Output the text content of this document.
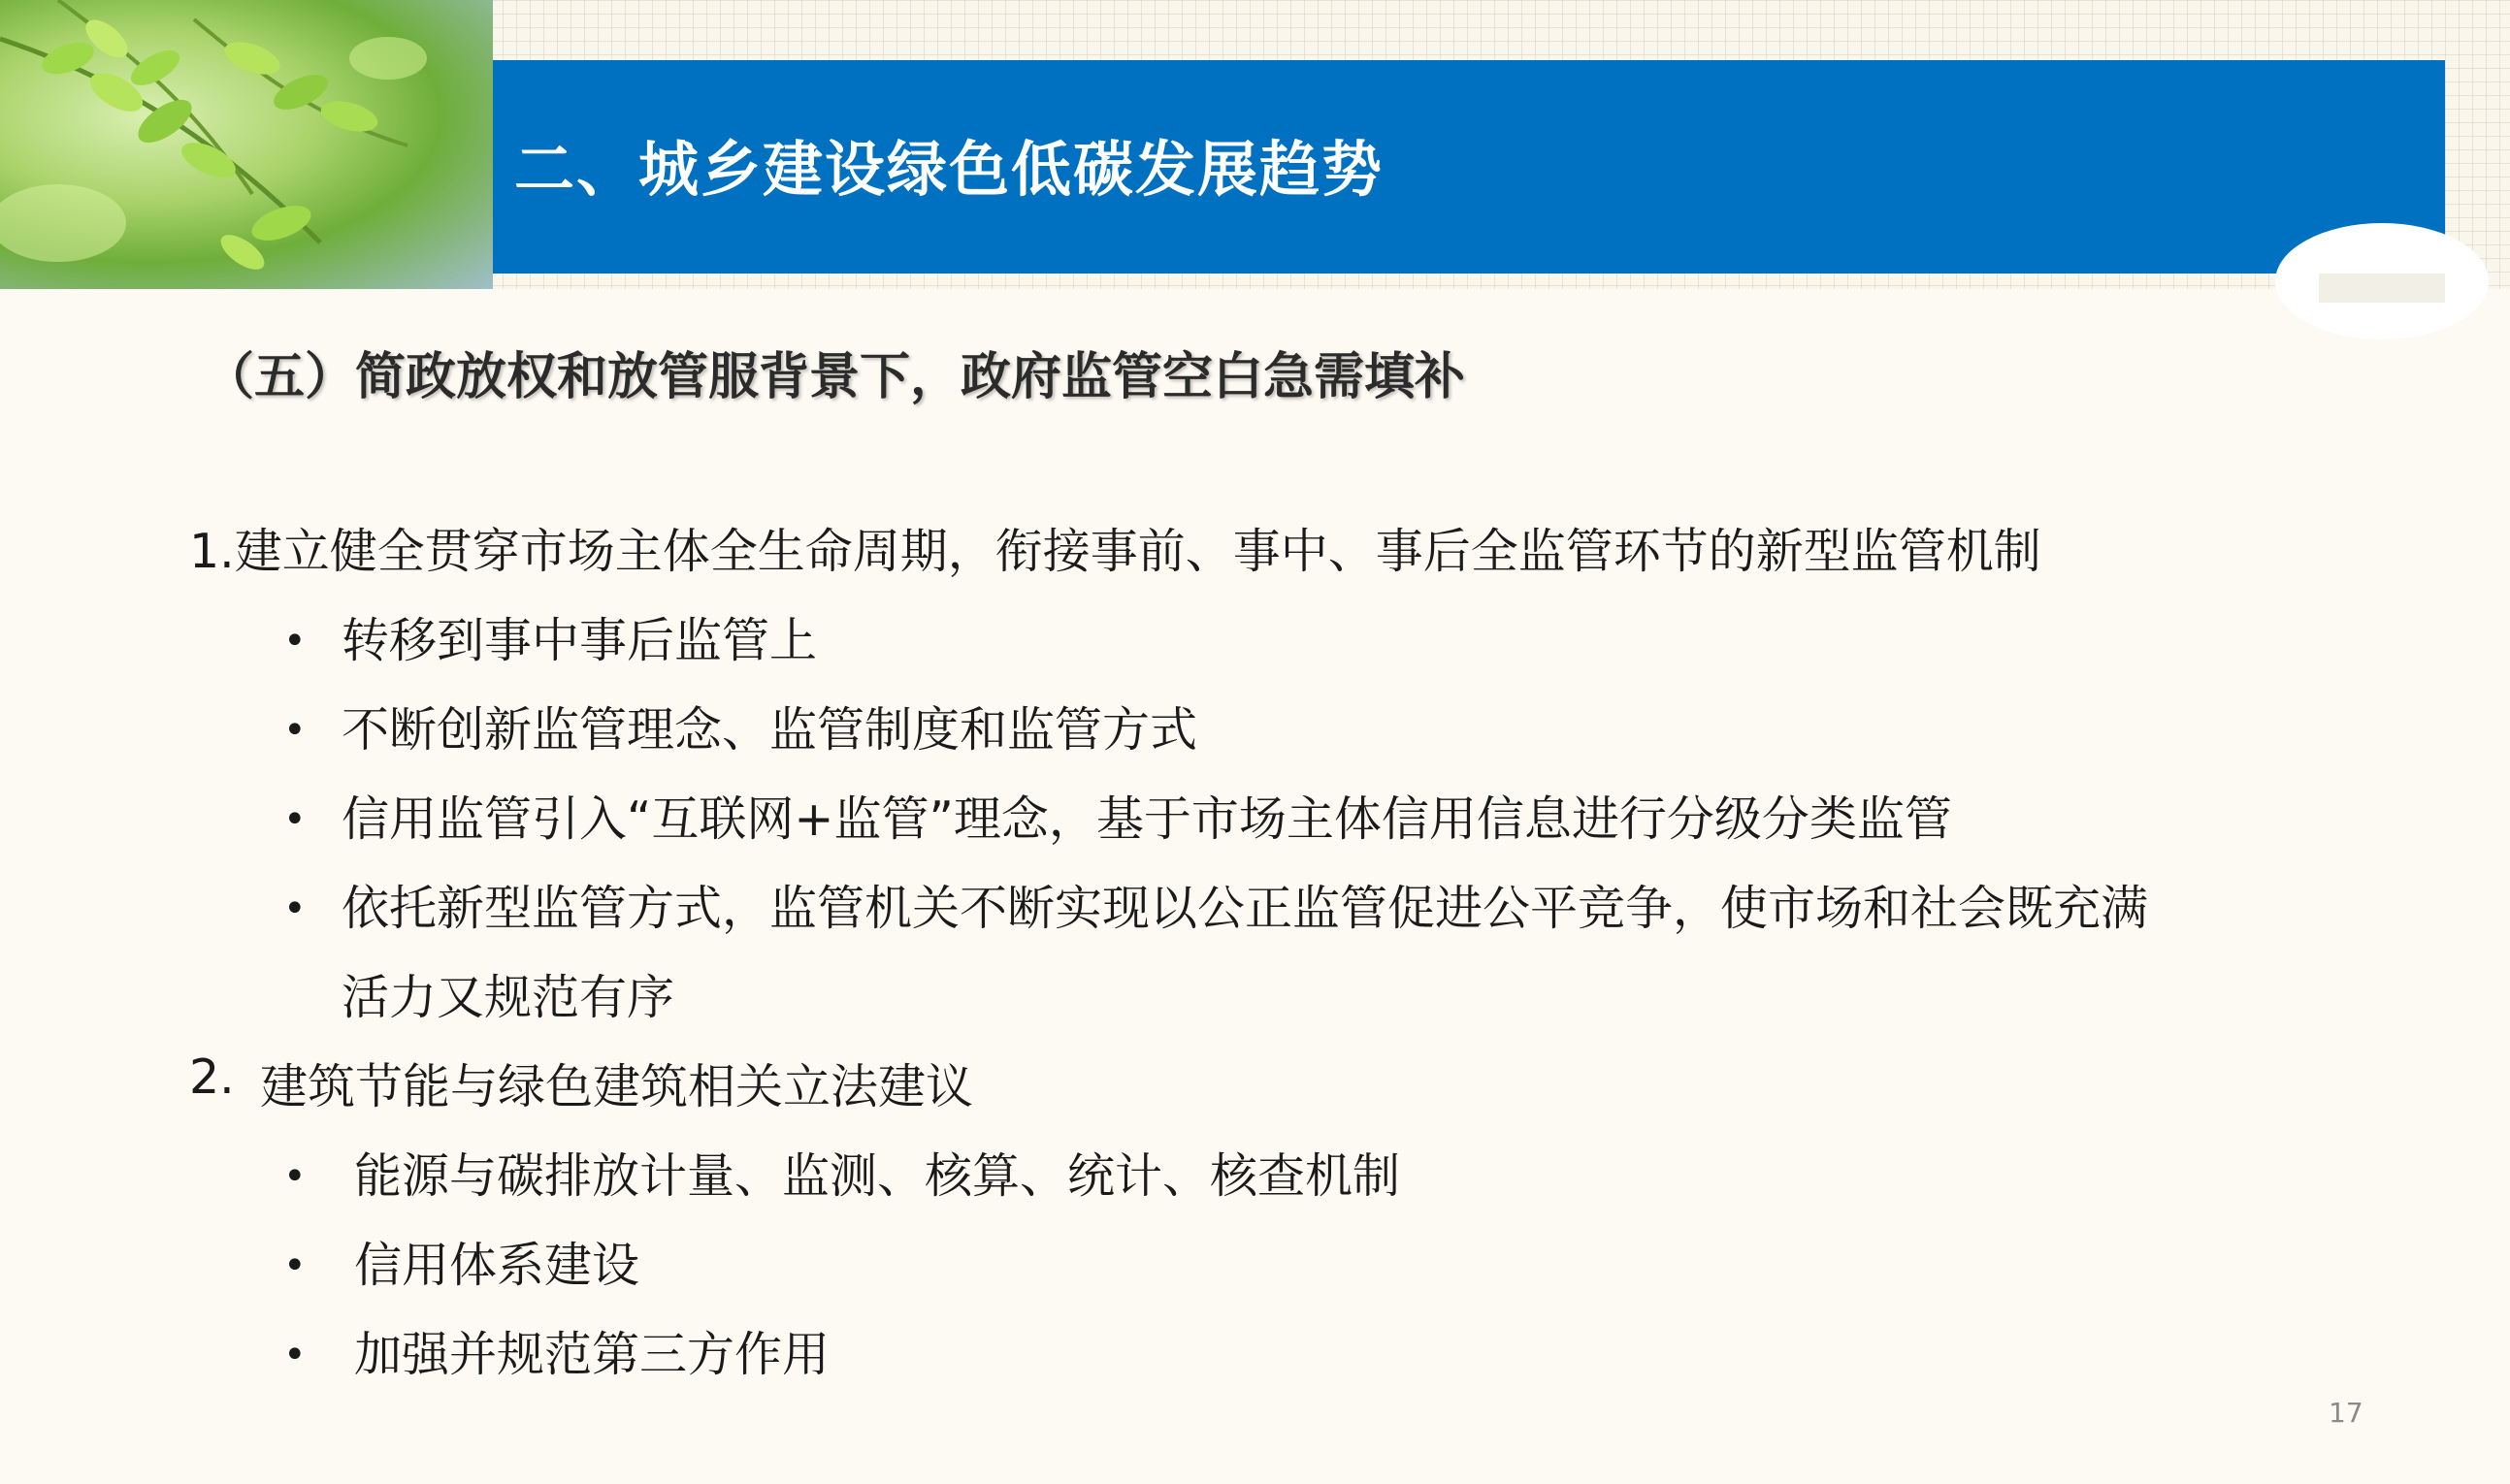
二、城乡建设绿色低碳发展趋势
（五）简政放权和放管服背景下，政府监管空白急需填补
1.建立健全贯穿市场主体全生命周期，衔接事前、事中、事后全监管环节的新型监管机制
• 转移到事中事后监管上
• 不断创新监管理念、监管制度和监管方式
• 信用监管引入“互联网+监管”理念，基于市场主体信用信息进行分级分类监管
• 依托新型监管方式，监管机关不断实现以公正监管促进公平竞争，使市场和社会既充满
活力又规范有序
2. 建筑节能与绿色建筑相关立法建议
• 能源与碳排放计量、监测、核算、统计、核查机制
• 信用体系建设
• 加强并规范第三方作用
17
